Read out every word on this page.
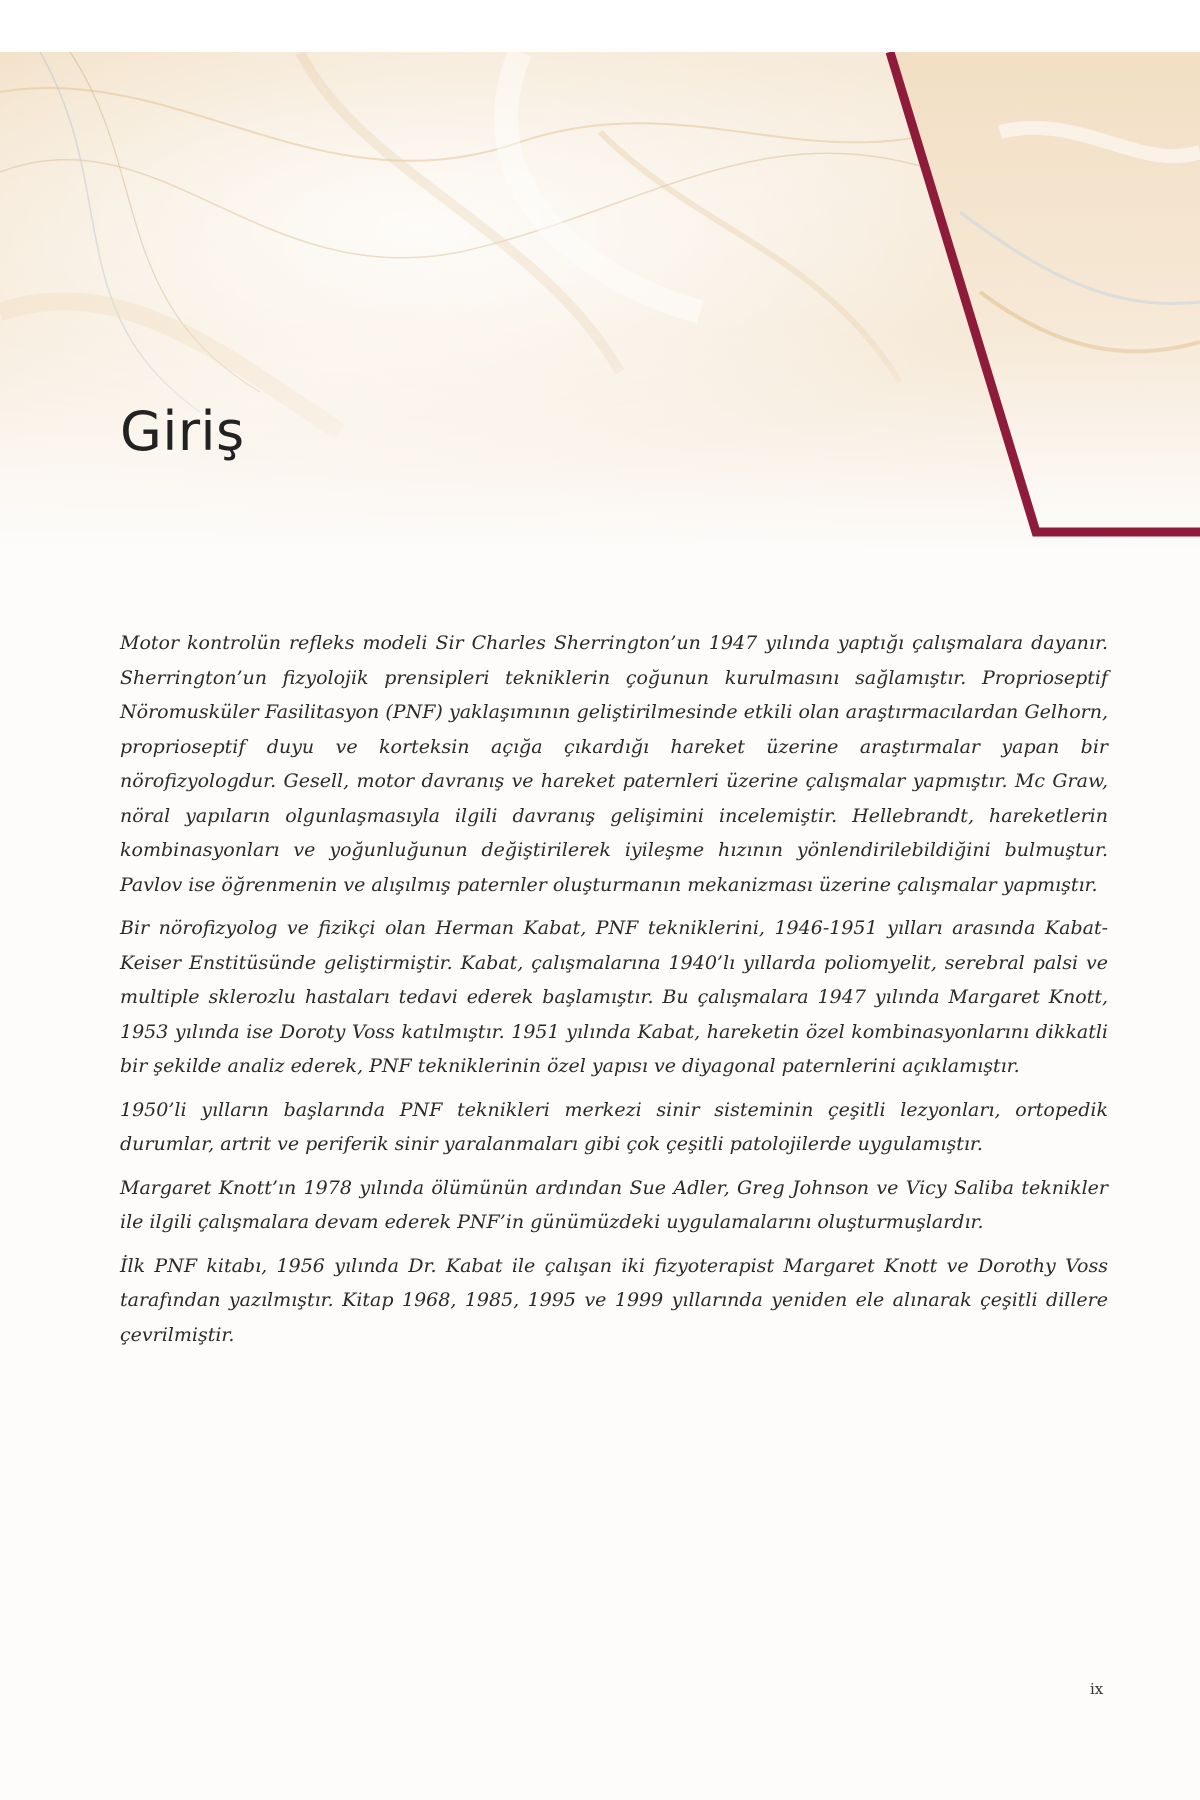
Giriş

Motor kontrolün refleks modeli Sir Charles Sherrington’un 1947 yılında yaptığı çalışmalara dayanır. Sherrington’un fizyolojik prensipleri tekniklerin çoğunun kurulmasını sağlamıştır. Proprioseptif Nöromusküler Fasilitasyon (PNF) yaklaşımının geliştirilmesinde etkili olan araştırmacılardan Gelhorn, proprioseptif duyu ve korteksin açığa çıkardığı hareket üzerine araştırmalar yapan bir nörofizyologdur. Gesell, motor davranış ve hareket paternleri üzerine çalışmalar yapmıştır. Mc Graw, nöral yapıların olgunlaşmasıyla ilgili davranış gelişimini incelemiştir. Hellebrandt, hareketlerin kombinasyonları ve yoğunluğunun değiştirilerek iyileşme hızının yönlendirilebildiğini bulmuştur. Pavlov ise öğrenmenin ve alışılmış paternler oluşturmanın mekanizması üzerine çalışmalar yapmıştır.

Bir nörofizyolog ve fizikçi olan Herman Kabat, PNF tekniklerini, 1946-1951 yılları arasında Kabat-Keiser Enstitüsünde geliştirmiştir. Kabat, çalışmalarına 1940’lı yıllarda poliomyelit, serebral palsi ve multiple sklerozlu hastaları tedavi ederek başlamıştır. Bu çalışmalara 1947 yılında Margaret Knott, 1953 yılında ise Doroty Voss katılmıştır. 1951 yılında Kabat, hareketin özel kombinasyonlarını dikkatli bir şekilde analiz ederek, PNF tekniklerinin özel yapısı ve diyagonal paternlerini açıklamıştır.

1950’li yılların başlarında PNF teknikleri merkezi sinir sisteminin çeşitli lezyonları, ortopedik durumlar, artrit ve periferik sinir yaralanmaları gibi çok çeşitli patolojilerde uygulamıştır.

Margaret Knott’ın 1978 yılında ölümünün ardından Sue Adler, Greg Johnson ve Vicy Saliba teknikler ile ilgili çalışmalara devam ederek PNF’in günümüzdeki uygulamalarını oluşturmuşlardır.

İlk PNF kitabı, 1956 yılında Dr. Kabat ile çalışan iki fizyoterapist Margaret Knott ve Dorothy Voss tarafından yazılmıştır. Kitap 1968, 1985, 1995 ve 1999 yıllarında yeniden ele alınarak çeşitli dillere çevrilmiştir.

ix
